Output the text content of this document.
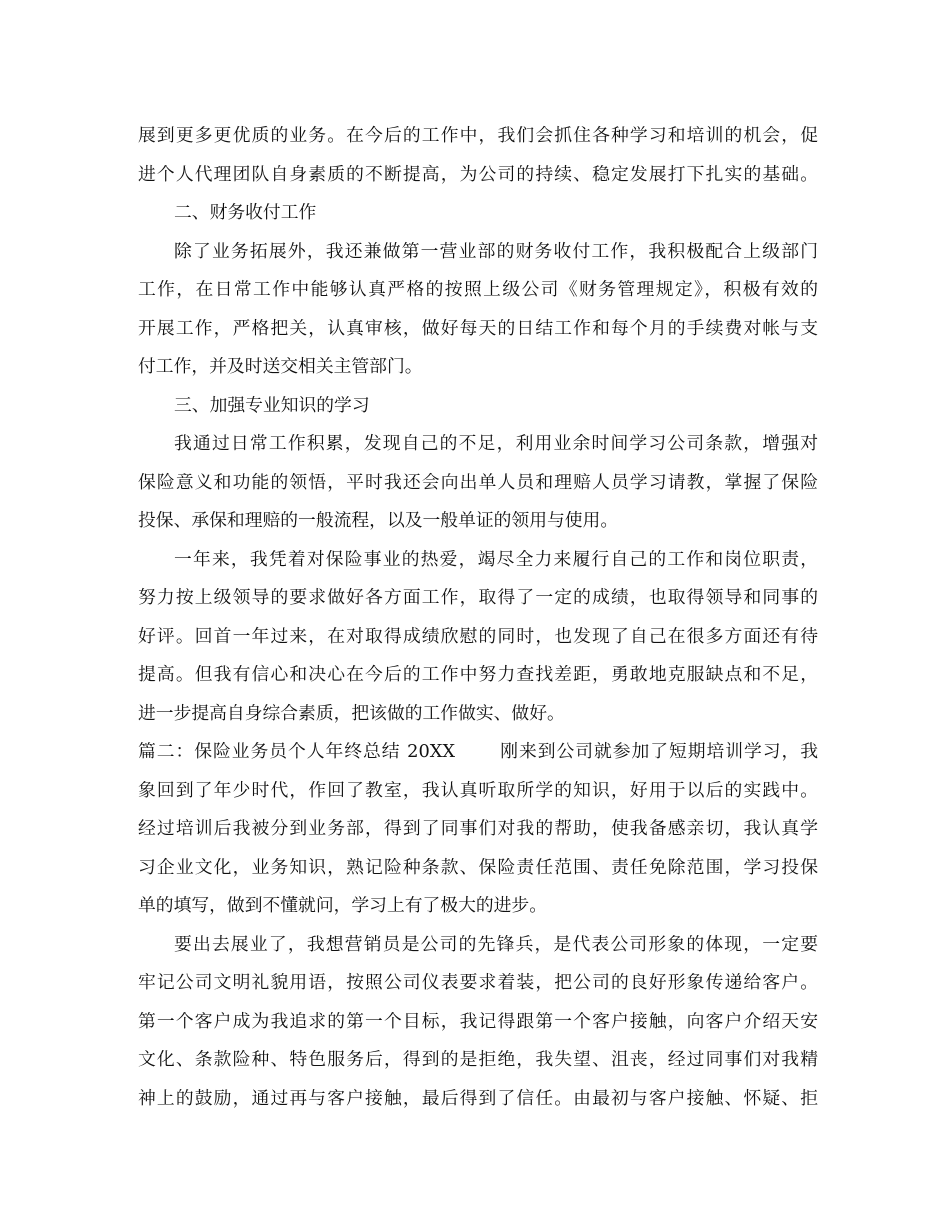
展到更多更优质的业务。在今后的工作中，我们会抓住各种学习和培训的机会，促
进个人代理团队自身素质的不断提高，为公司的持续、稳定发展打下扎实的基础。
二、财务收付工作
除了业务拓展外，我还兼做第一营业部的财务收付工作，我积极配合上级部门
工作，在日常工作中能够认真严格的按照上级公司《财务管理规定》，积极有效的
开展工作，严格把关，认真审核，做好每天的日结工作和每个月的手续费对帐与支
付工作，并及时送交相关主管部门。
三、加强专业知识的学习
我通过日常工作积累，发现自己的不足，利用业余时间学习公司条款，增强对
保险意义和功能的领悟，平时我还会向出单人员和理赔人员学习请教，掌握了保险
投保、承保和理赔的一般流程，以及一般单证的领用与使用。
一年来，我凭着对保险事业的热爱，竭尽全力来履行自己的工作和岗位职责，
努力按上级领导的要求做好各方面工作，取得了一定的成绩，也取得领导和同事的
好评。回首一年过来，在对取得成绩欣慰的同时，也发现了自己在很多方面还有待
提高。但我有信心和决心在今后的工作中努力查找差距，勇敢地克服缺点和不足，
进一步提高自身综合素质，把该做的工作做实、做好。
篇二：保险业务员个人年终总结 20XX　　 刚来到公司就参加了短期培训学习，我
象回到了年少时代，作回了教室，我认真听取所学的知识，好用于以后的实践中。
经过培训后我被分到业务部，得到了同事们对我的帮助，使我备感亲切，我认真学
习企业文化，业务知识，熟记险种条款、保险责任范围、责任免除范围，学习投保
单的填写，做到不懂就问，学习上有了极大的进步。
要出去展业了，我想营销员是公司的先锋兵，是代表公司形象的体现，一定要
牢记公司文明礼貌用语，按照公司仪表要求着装，把公司的良好形象传递给客户。
第一个客户成为我追求的第一个目标，我记得跟第一个客户接触，向客户介绍天安
文化、条款险种、特色服务后，得到的是拒绝，我失望、沮丧，经过同事们对我精
神上的鼓励，通过再与客户接触，最后得到了信任。由最初与客户接触、怀疑、拒
